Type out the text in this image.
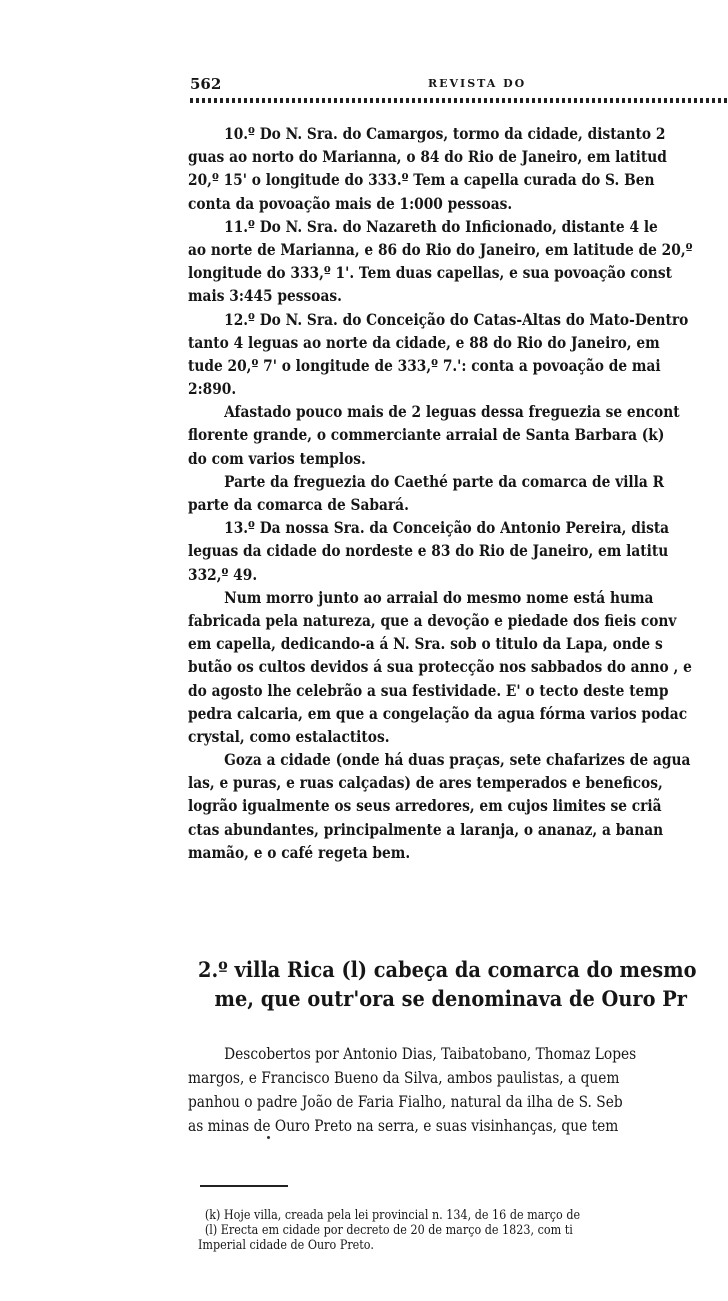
562	REVISTA DO
10.º Do N. Sra. do Camargos, tormo da cidade, distanto 2
guas ao norto do Marianna, o 84 do Rio de Janeiro, em latitud
20,º 15' o longitude do 333.º Tem a capella curada do S. Ben
conta da povoação mais de 1:000 pessoas.
11.º Do N. Sra. do Nazareth do Inficionado, distante 4 le
ao norte de Marianna, e 86 do Rio do Janeiro, em latitude de 20,º
longitude do 333,º 1'. Tem duas capellas, e sua povoação const
mais 3:445 pessoas.
12.º Do N. Sra. do Conceição do Catas-Altas do Mato-Dentro
tanto 4 leguas ao norte da cidade, e 88 do Rio do Janeiro, em
tude 20,º 7' o longitude de 333,º 7.': conta a povoação de mai
2:890.
Afastado pouco mais de 2 leguas dessa freguezia se encont
florente grande, o commerciante arraial de Santa Barbara (k)
do com varios templos.
Parte da freguezia do Caethé parte da comarca de villa R
parte da comarca de Sabará.
13.º Da nossa Sra. da Conceição do Antonio Pereira, dista
leguas da cidade do nordeste e 83 do Rio de Janeiro, em latitu
332,º 49.
Num morro junto ao arraial do mesmo nome está huma
fabricada pela natureza, que a devoção e piedade dos fieis conv
em capella, dedicando-a á N. Sra. sob o titulo da Lapa, onde s
butão os cultos devidos á sua protecção nos sabbados do anno , e
do agosto lhe celebrão a sua festividade. E' o tecto deste temp
pedra calcaria, em que a congelação da agua fórma varios podac
crystal, como estalactitos.
Goza a cidade (onde há duas praças, sete chafarizes de agua
las, e puras, e ruas calçadas) de ares temperados e beneficos,
logrão igualmente os seus arredores, em cujos limites se criã
ctas abundantes, principalmente a laranja, o ananaz, a banan
mamão, e o café regeta bem.
2.º villa Rica (l) cabeça da comarca do mesmo
me, que outr'ora se denominava de Ouro Pr
Descobertos por Antonio Dias, Taibatobano, Thomaz Lopes
margos, e Francisco Bueno da Silva, ambos paulistas, a quem
panhou o padre João de Faria Fialho, natural da ilha de S. Seb
as minas de Ouro Preto na serra, e suas visinhanças, que tem
(k) Hoje villa, creada pela lei provincial n. 134, de 16 de março de
(l) Erecta em cidade por decreto de 20 de março de 1823, com ti
Imperial cidade de Ouro Preto.
